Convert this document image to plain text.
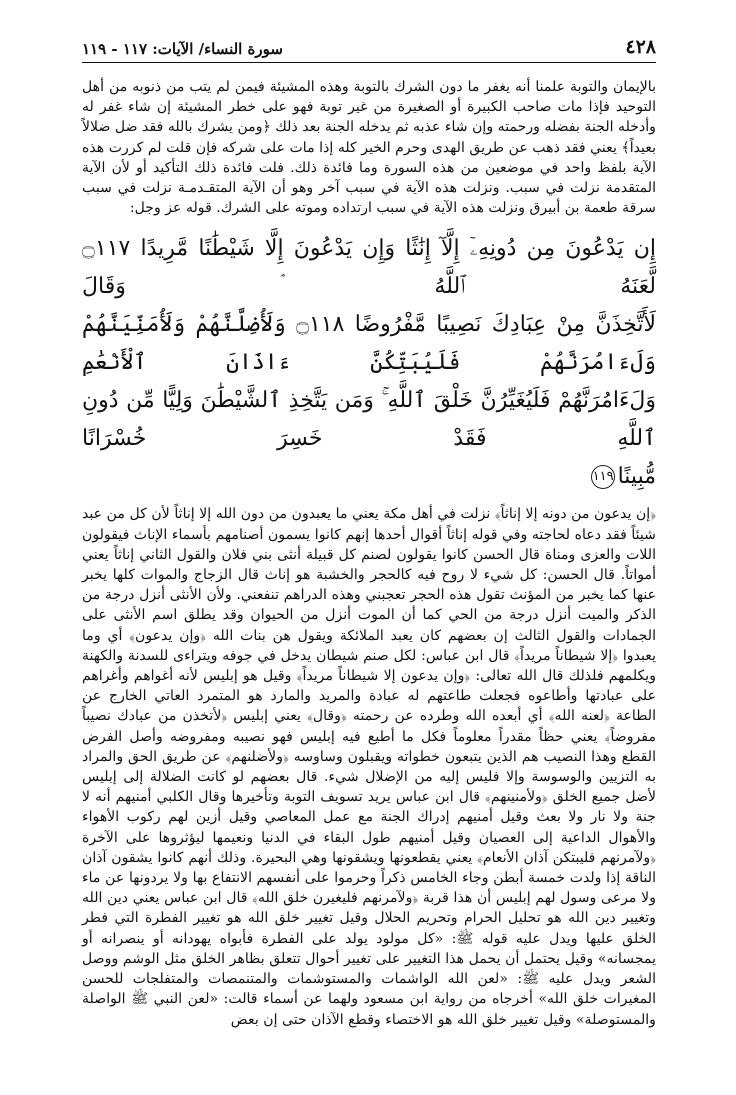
٤٢٨
سورة النساء/ الآيات: ١١٧ - ١١٩

بالإيمان والتوبة علمنا أنه يغفر ما دون الشرك بالتوبة وهذه المشيئة فيمن لم يتب من ذنوبه من أهل التوحيد فإذا مات صاحب الكبيرة أو الصغيرة من غير توبة فهو على خطر المشيئة إن شاء غفر له وأدخله الجنة بفضله ورحمته وإن شاء عذبه ثم يدخله الجنة بعد ذلك ﴿ومن يشرك بالله فقد ضل ضلالاً بعيداً﴾ يعني فقد ذهب عن طريق الهدى وحرم الخير كله إذا مات على شركه فإن قلت لم كررت هذه الآية بلفظ واحد في موضعين من هذه السورة وما فائدة ذلك. فلت فائدة ذلك التأكيد أو لأن الآية المتقدمة نزلت في سبب. ونزلت هذه الآية في سبب آخر وهو أن الآية المتقـدمـة نزلت في سبب سرقة طعمة بن أبيرق ونزلت هذه الآية في سبب ارتداده وموته على الشرك. قوله عز وجل:

إِن يَدْعُونَ مِن دُونِهِۦٓ إِلَّآ إِنَٰثًا وَإِن يَدْعُونَ إِلَّا شَيْطَٰنًا مَّرِيدًا ۝١١٧ لَّعَنَهُ ٱللَّهُ ۘ وَقَالَ
لَأَتَّخِذَنَّ مِنْ عِبَادِكَ نَصِيبًا مَّفْرُوضًا ۝١١٨ وَلَأُضِلَّنَّهُمْ وَلَأُمَنِّيَنَّهُمْ وَلَءَامُرَنَّهُمْ فَلَيُبَتِّكُنَّ ءَاذَانَ ٱلْأَنْعَٰمِ
وَلَءَامُرَنَّهُمْ فَلَيُغَيِّرُنَّ خَلْقَ ٱللَّهِ ۚ وَمَن يَتَّخِذِ ٱلشَّيْطَٰنَ وَلِيًّا مِّن دُونِ ٱللَّهِ فَقَدْ خَسِرَ خُسْرَانًا
مُّبِينًا١١٩

﴿إن يدعون من دونه إلا إناثاً﴾ نزلت في أهل مكة يعني ما يعبدون من دون الله إلا إناثاً لأن كل من عبد شيئاً فقد دعاه لحاجته وفي قوله إناثاً أقوال أحدها إنهم كانوا يسمون أصنامهم بأسماء الإناث فيقولون اللات والعزى ومناة قال الحسن كانوا يقولون لصنم كل قبيلة أنثى بني فلان والقول الثاني إناثاً يعني أمواتاً. قال الحسن: كل شيء لا روح فيه كالحجر والخشبة هو إناث قال الزجاج والموات كلها يخبر عنها كما يخبر من المؤنث تقول هذه الحجر تعجبني وهذه الدراهم تنفعني. ولأن الأنثى أنزل درجة من الذكر والميت أنزل درجة من الحي كما أن الموت أنزل من الحيوان وقد يطلق اسم الأنثى على الجمادات والقول الثالث إن بعضهم كان يعبد الملائكة ويقول هن بنات الله ﴿وإن يدعون﴾ أي وما يعبدوا ﴿إلا شيطاناً مريداً﴾ قال ابن عباس: لكل صنم شيطان يدخل في جوفه ويتراءى للسدنة والكهنة ويكلمهم فلذلك قال الله تعالى: ﴿وإن يدعون إلا شيطاناً مريداً﴾ وقيل هو إبليس لأنه أغواهم وأغراهم على عبادتها وأطاعوه فجعلت طاعتهم له عبادة والمريد والمارد هو المتمرد العاتي الخارج عن الطاعة ﴿لعنه الله﴾ أي أبعده الله وطرده عن رحمته ﴿وقال﴾ يعني إبليس ﴿لأتخذن من عبادك نصيباً مفروضاً﴾ يعني حظاً مقدراً معلوماً فكل ما أطيع فيه إبليس فهو نصيبه ومفروضه وأصل الفرض القطع وهذا النصيب هم الذين يتبعون خطواته ويقبلون وساوسه ﴿ولأضلنهم﴾ عن طريق الحق والمراد به التزيين والوسوسة وإلا فليس إليه من الإضلال شيء. قال بعضهم لو كانت الضلالة إلى إبليس لأضل جميع الخلق ﴿ولأمنينهم﴾ قال ابن عباس يريد تسويف التوبة وتأخيرها وقال الكلبي أمنيهم أنه لا جنة ولا نار ولا بعث وقيل أمنيهم إدراك الجنة مع عمل المعاصي وقيل أزين لهم ركوب الأهواء والأهوال الداعية إلى العصيان وقيل أمنيهم طول البقاء في الدنيا ونعيمها ليؤثروها على الآخرة ﴿ولآمرنهم فليبتكن آذان الأنعام﴾ يعني يقطعونها ويشقونها وهي البحيرة. وذلك أنهم كانوا يشقون آذان الناقة إذا ولدت خمسة أبطن وجاء الخامس ذكراً وحرموا على أنفسهم الانتفاع بها ولا يردونها عن ماء ولا مرعى وسول لهم إبليس أن هذا قربة ﴿ولآمرنهم فليغيرن خلق الله﴾ قال ابن عباس يعني دين الله وتغيير دين الله هو تحليل الحرام وتحريم الحلال وقيل تغيير خلق الله هو تغيير الفطرة التي فطر الخلق عليها ويدل عليه قوله ﷺ: «كل مولود يولد على الفطرة فأبواه يهودانه أو ينصرانه أو يمجسانه» وقيل يحتمل أن يحمل هذا التغيير على تغيير أحوال تتعلق بظاهر الخلق مثل الوشم ووصل الشعر ويدل عليه ﷺ: «لعن الله الواشمات والمستوشمات والمتنمصات والمتفلجات للحسن المغيرات خلق الله» أخرجاه من رواية ابن مسعود ولهما عن أسماء قالت: «لعن النبي ﷺ الواصلة والمستوصلة» وقيل تغيير خلق الله هو الاختصاء وقطع الآذان حتى إن بعض
